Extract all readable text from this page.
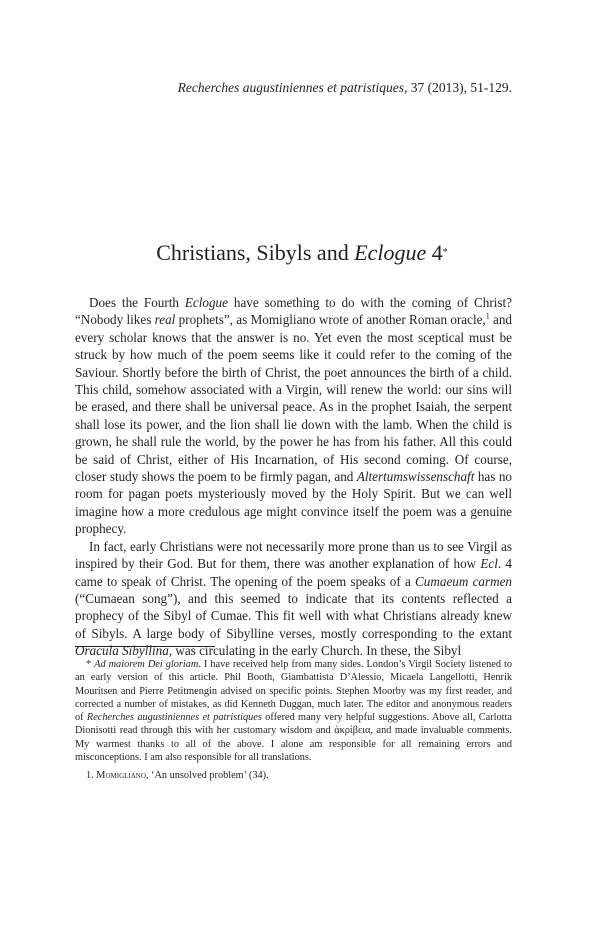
Recherches augustiniennes et patristiques, 37 (2013), 51-129.
Christians, Sibyls and Eclogue 4*

Does the Fourth Eclogue have something to do with the coming of Christ? “Nobody likes real prophets”, as Momigliano wrote of another Roman oracle,$^1$ and every scholar knows that the answer is no. Yet even the most sceptical must be struck by how much of the poem seems like it could refer to the coming of the Saviour. Shortly before the birth of Christ, the poet announces the birth of a child. This child, somehow associated with a Virgin, will renew the world: our sins will be erased, and there shall be universal peace. As in the prophet Isaiah, the serpent shall lose its power, and the lion shall lie down with the lamb. When the child is grown, he shall rule the world, by the power he has from his father. All this could be said of Christ, either of His Incarnation, of His second coming. Of course, closer study shows the poem to be firmly pagan, and Altertumswissenschaft has no room for pagan poets mysteriously moved by the Holy Spirit. But we can well imagine how a more credulous age might convince itself the poem was a genuine prophecy.

In fact, early Christians were not necessarily more prone than us to see Virgil as inspired by their God. But for them, there was another explanation of how Ecl. 4 came to speak of Christ. The opening of the poem speaks of a Cumaeum carmen (“Cumaean song”), and this seemed to indicate that its contents reflected a prophecy of the Sibyl of Cumae. This fit well with what Christians already knew of Sibyls. A large body of Sibylline verses, mostly corresponding to the extant Oracula Sibyllina, was circulating in the early Church. In these, the Sibyl

* Ad maiorem Dei gloriam. I have received help from many sides. London’s Virgil Society listened to an early version of this article. Phil Booth, Giambattista D’Alessio, Micaela Langellotti, Henrik Mouritsen and Pierre Petitmengin advised on specific points. Stephen Moorby was my first reader, and corrected a number of mistakes, as did Kenneth Duggan, much later. The editor and anonymous readers of Recherches augustiniennes et patristiques offered many very helpful suggestions. Above all, Carlotta Dionisotti read through this with her customary wisdom and ἀκρίβεια, and made invaluable comments. My warmest thanks to all of the above. I alone am responsible for all remaining errors and misconceptions. I am also responsible for all translations.

1. Momigliano, ‘An unsolved problem’ (34).
